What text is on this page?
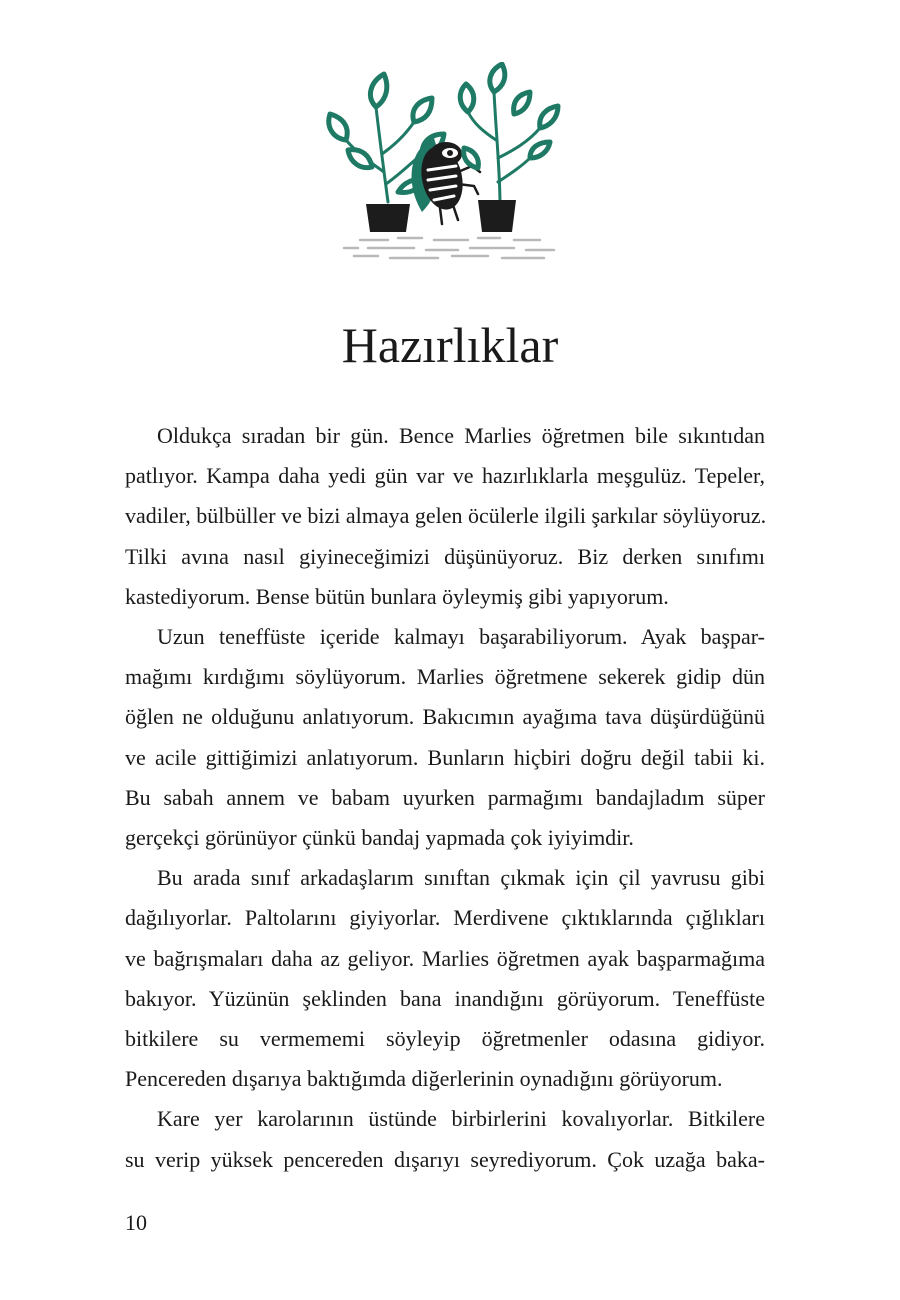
Hazırlıklar

Oldukça sıradan bir gün. Bence Marlies öğretmen bile sıkıntıdan
patlıyor. Kampa daha yedi gün var ve hazırlıklarla meşgulüz. Tepeler,
vadiler, bülbüller ve bizi almaya gelen öcülerle ilgili şarkılar söylüyoruz.
Tilki avına nasıl giyineceğimizi düşünüyoruz. Biz derken sınıfımı
kastediyorum. Bense bütün bunlara öyleymiş gibi yapıyorum.

Uzun teneffüste içeride kalmayı başarabiliyorum. Ayak başpar-
mağımı kırdığımı söylüyorum. Marlies öğretmene sekerek gidip dün
öğlen ne olduğunu anlatıyorum. Bakıcımın ayağıma tava düşürdüğünü
ve acile gittiğimizi anlatıyorum. Bunların hiçbiri doğru değil tabii ki.
Bu sabah annem ve babam uyurken parmağımı bandajladım süper
gerçekçi görünüyor çünkü bandaj yapmada çok iyiyimdir.

Bu arada sınıf arkadaşlarım sınıftan çıkmak için çil yavrusu gibi
dağılıyorlar. Paltolarını giyiyorlar. Merdivene çıktıklarında çığlıkları
ve bağrışmaları daha az geliyor. Marlies öğretmen ayak başparmağıma
bakıyor. Yüzünün şeklinden bana inandığını görüyorum. Teneffüste
bitkilere su vermememi söyleyip öğretmenler odasına gidiyor.
Pencereden dışarıya baktığımda diğerlerinin oynadığını görüyorum.

Kare yer karolarının üstünde birbirlerini kovalıyorlar. Bitkilere
su verip yüksek pencereden dışarıyı seyrediyorum. Çok uzağa baka-

10
